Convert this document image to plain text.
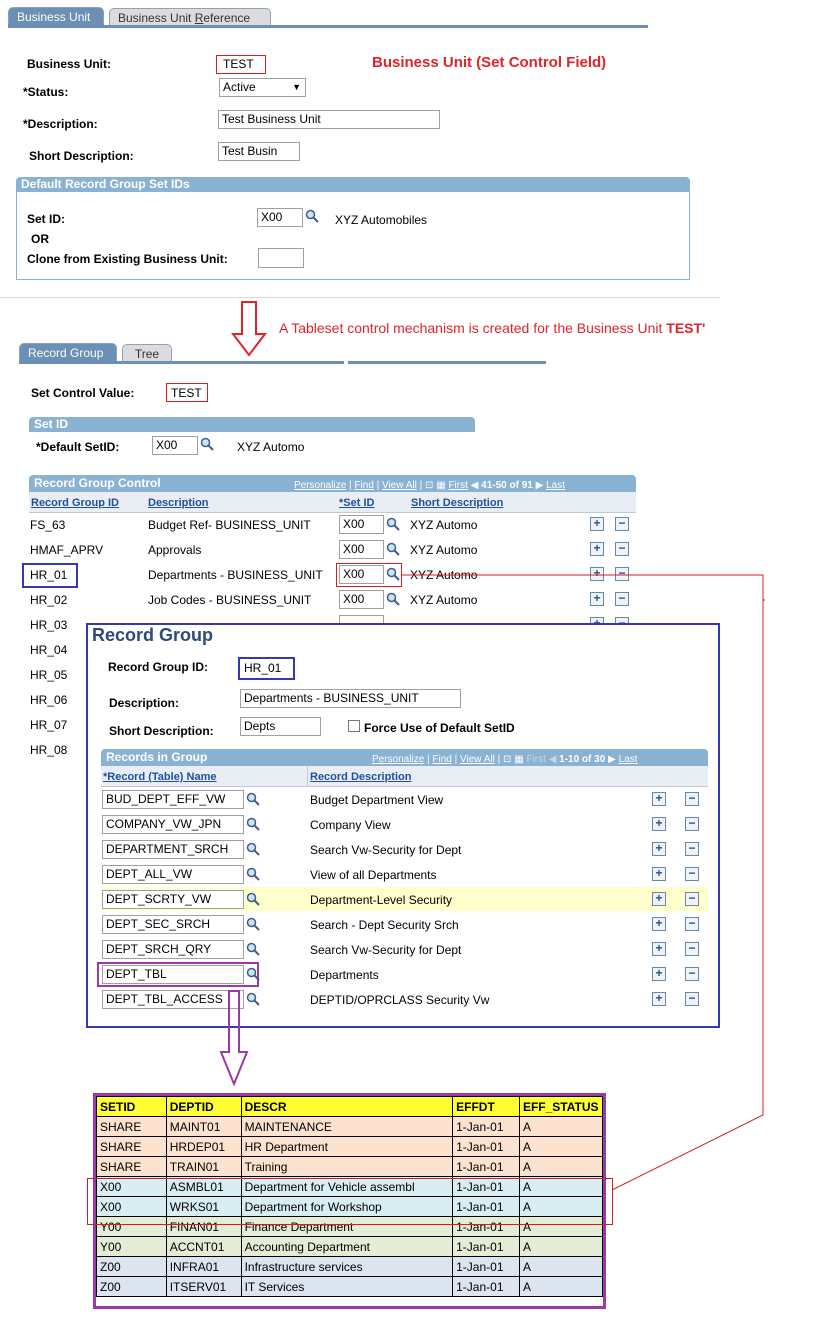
Business Unit	Business Unit Reference
Business Unit:	TEST	Business Unit (Set Control Field)
*Status:	Active	▼
*Description:	Test Business Unit
Short Description:	Test Busin
Default Record Group Set IDs
Set ID:	X00	XYZ Automobiles
OR
Clone from Existing Business Unit:
A Tableset control mechanism is created for the Business Unit TEST'
Record Group	Tree
Set Control Value:	TEST
Set ID
*Default SetID:	X00	XYZ Automo
Record Group Control	Personalize | Find | View All | ⊡ ▦ First ◀ 41-50 of 91 ▶ Last
Record Group ID	Description	*Set ID	Short Description
FS_63	Budget Ref- BUSINESS_UNIT	X00	XYZ Automo	+ −
HMAF_APRV	Approvals	X00	XYZ Automo	+ −
HR_01	Departments - BUSINESS_UNIT	X00	XYZ Automo	+ −
HR_02	Job Codes - BUSINESS_UNIT	X00	XYZ Automo	+ −
HR_03
HR_04
HR_05
HR_06
HR_07
HR_08
Record Group
Record Group ID:	HR_01
Description:	Departments - BUSINESS_UNIT
Short Description:	Depts	Force Use of Default SetID
Records in Group	Personalize | Find | View All | ⊡ ▦ First ◀ 1-10 of 30 ▶ Last
*Record (Table) Name	Record Description
BUD_DEPT_EFF_VW	Budget Department View	+ −
COMPANY_VW_JPN	Company View	+ −
DEPARTMENT_SRCH	Search Vw-Security for Dept	+ −
DEPT_ALL_VW	View of all Departments	+ −
DEPT_SCRTY_VW	Department-Level Security	+ −
DEPT_SEC_SRCH	Search - Dept Security Srch	+ −
DEPT_SRCH_QRY	Search Vw-Security for Dept	+ −
DEPT_TBL	Departments	+ −
DEPT_TBL_ACCESS	DEPTID/OPRCLASS Security Vw	+ −
SETID	DEPTID	DESCR	EFFDT	EFF_STATUS
SHARE	MAINT01	MAINTENANCE	1-Jan-01	A
SHARE	HRDEP01	HR Department	1-Jan-01	A
SHARE	TRAIN01	Training	1-Jan-01	A
X00	ASMBL01	Department for Vehicle assembl	1-Jan-01	A
X00	WRKS01	Department for Workshop	1-Jan-01	A
Y00	FINAN01	Finance Department	1-Jan-01	A
Y00	ACCNT01	Accounting Department	1-Jan-01	A
Z00	INFRA01	Infrastructure services	1-Jan-01	A
Z00	ITSERV01	IT Services	1-Jan-01	A
